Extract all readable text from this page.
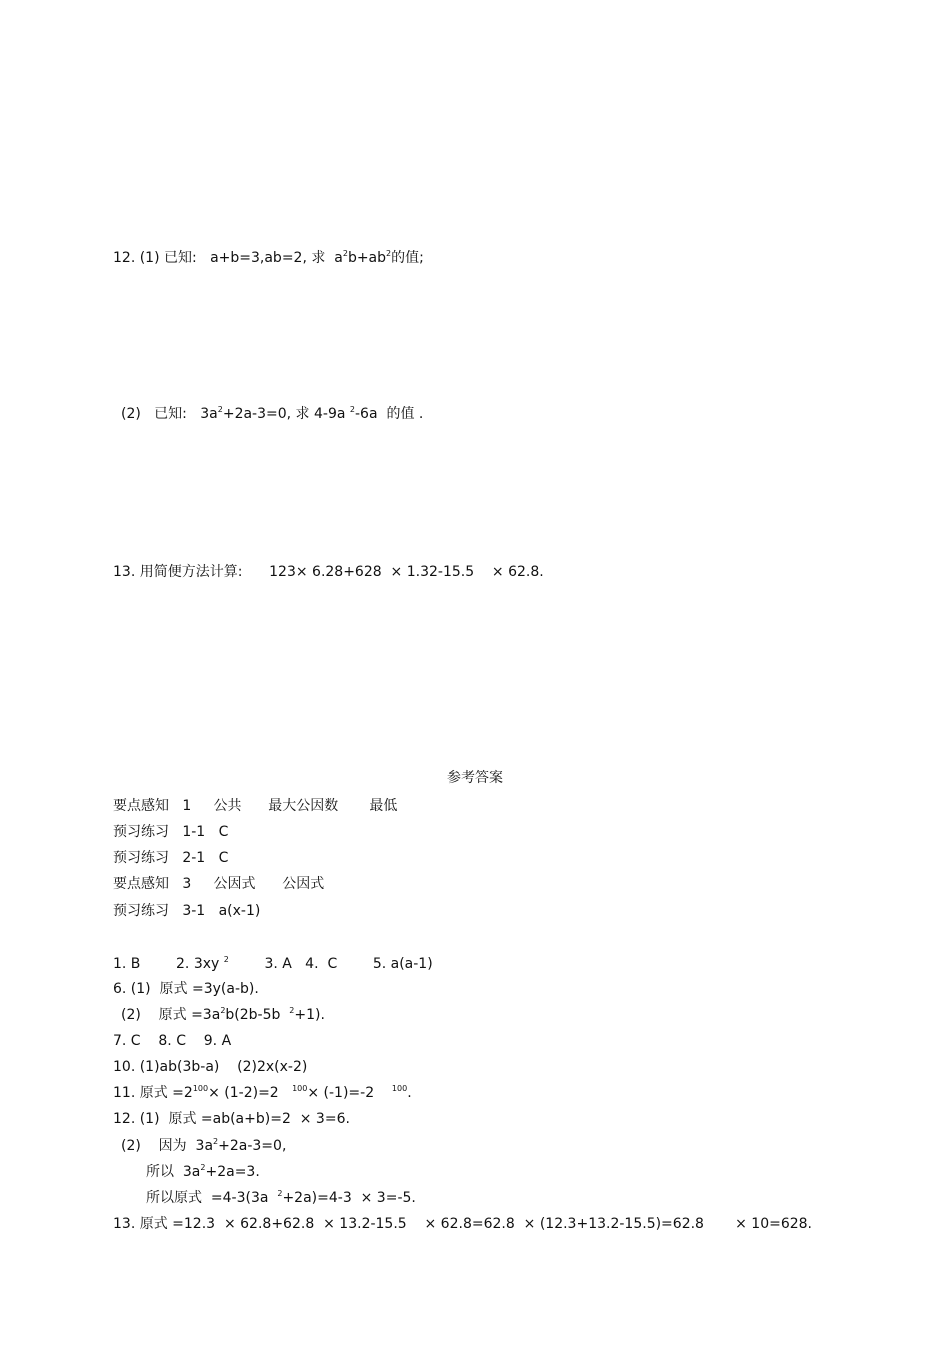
12. (1) 已知:   a+b=3,ab=2, 求  $a^2b+ab^2$的值;
(2)   已知:   $3a^2+2a-3=0$, 求 4-9a $^2$-6a  的值 .
13. 用简便方法计算:      123× 6.28+628  × 1.32-15.5    × 62.8.
参考答案
要点感知   1     公共      最大公因数       最低
预习练习   1-1   C
预习练习   2-1   C
要点感知   3     公因式      公因式
预习练习   3-1   a(x-1)
1. B        2. 3xy $^2$        3. A   4.  C        5. a(a-1)
6. (1)  原式 =3y(a-b).
(2)    原式 $=3a^2b(2b-5b$  $^2$+1).
7. C    8. C    9. A
10. (1)ab(3b-a)    (2)2x(x-2)
11. 原式 $=2^{100}\times (1-2)=2$   $^{100}$× (-1)=-2    $^{100}$.
12. (1)  原式 =ab(a+b)=2  × 3=6.
(2)    因为  $3a^2+2a-3=0$,
所以  $3a^2+2a=3$.
所以原式  =4-3(3a  $^2$+2a)=4-3  × 3=-5.
13. 原式 =12.3  × 62.8+62.8  × 13.2-15.5    × 62.8=62.8  × (12.3+13.2-15.5)=62.8       × 10=628.
